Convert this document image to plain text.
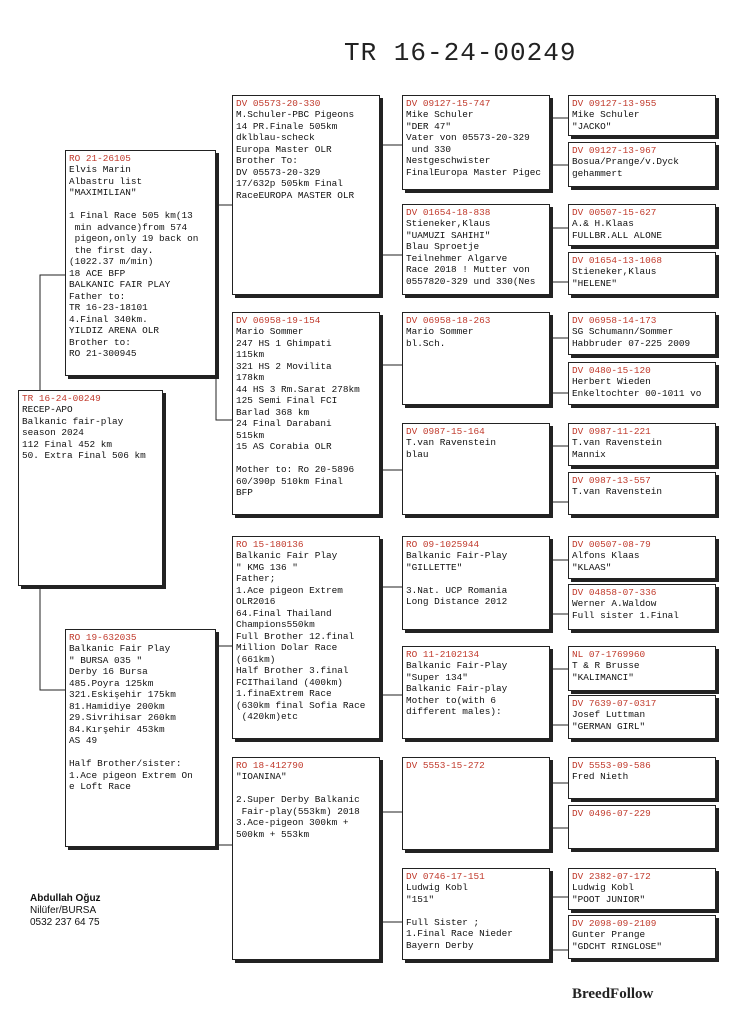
TR 16-24-00249
TR 16-24-00249
RECEP-APO
Balkanic fair-play
season 2024
112 Final 452 km
50. Extra Final 506 km
RO 21-26105
Elvis Marin
Albastru list
"MAXIMILIAN"

1 Final Race 505 km(13
min advance)from 574
pigeon,only 19 back on
the first day.
(1022.37 m/min)
18 ACE BFP
BALKANIC FAIR PLAY
Father to:
TR 16-23-18101
4.Final 340km.
YILDIZ ARENA OLR
Brother to:
RO 21-300945
RO 19-632035
Balkanic Fair Play
" BURSA 035 "
Derby 16 Bursa
485.Poyra 125km
321.Eskişehir 175km
81.Hamidiye 200km
29.Sivrihisar 260km
84.Kırşehir 453km
AS 49

Half Brother/sister:
1.Ace pigeon Extrem On
e Loft Race
DV 05573-20-330
M.Schuler-PBC Pigeons
14 PR.Finale 505km
dklblau-scheck
Europa Master OLR
Brother To:
DV 05573-20-329
17/632p 505km Final
RaceEUROPA MASTER OLR
DV 06958-19-154
Mario Sommer
247 HS 1 Ghimpati
115km
321 HS 2 Movilita
178km
44 HS 3 Rm.Sarat 278km
125 Semi Final FCI
Barlad 368 km
24 Final Darabani
515km
15 AS Corabia OLR

Mother to: Ro 20-5896
60/390p 510km Final
BFP
RO 15-180136
Balkanic Fair Play
" KMG 136 "
Father;
1.Ace pigeon Extrem
OLR2016
64.Final Thailand
Champions550km
Full Brother 12.final
Million Dolar Race
(661km)
Half Brother 3.final
FCIThailand (400km)
1.finaExtrem Race
(630km final Sofia Race
(420km)etc
RO 18-412790
"IOANINA"

2.Super Derby Balkanic
Fair-play(553km) 2018
3.Ace-pigeon 300km +
500km + 553km
DV 09127-15-747
Mike Schuler
"DER 47"
Vater von 05573-20-329
und 330
Nestgeschwister
FinalEuropa Master Pigec
DV 01654-18-838
Stieneker,Klaus
"UAMUZI SAHIHI"
Blau Sproetje
Teilnehmer Algarve
Race 2018 ! Mutter von
0557820-329 und 330(Nes
DV 06958-18-263
Mario Sommer
bl.Sch.
DV 0987-15-164
T.van Ravenstein
blau
RO 09-1025944
Balkanic Fair-Play
"GILLETTE"

3.Nat. UCP Romania
Long Distance 2012
RO 11-2102134
Balkanic Fair-Play
"Super 134"
Balkanic Fair-play
Mother to(with 6
different males):
DV 5553-15-272
DV 0746-17-151
Ludwig Kobl
"151"

Full Sister ;
1.Final Race Nieder
Bayern Derby
DV 09127-13-955
Mike Schuler
"JACKO"
DV 09127-13-967
Bosua/Prange/v.Dyck
gehammert
DV 00507-15-627
A.& H.Klaas
FULLBR.ALL ALONE
DV 01654-13-1068
Stieneker,Klaus
"HELENE"
DV 06958-14-173
SG Schumann/Sommer
Habbruder 07-225 2009
DV 0480-15-120
Herbert Wieden
Enkeltochter 00-1011 vo
DV 0987-11-221
T.van Ravenstein
Mannix
DV 0987-13-557
T.van Ravenstein
DV 00507-08-79
Alfons Klaas
"KLAAS"
DV 04858-07-336
Werner A.Waldow
Full sister 1.Final
NL 07-1769960
T & R Brusse
"KALIMANCI"
DV 7639-07-0317
Josef Luttman
"GERMAN GIRL"
DV 5553-09-586
Fred Nieth
DV 0496-07-229
DV 2382-07-172
Ludwig Kobl
"POOT JUNIOR"
DV 2098-09-2109
Gunter Prange
"GDCHT RINGLOSE"
Abdullah Oğuz
Nilüfer/BURSA
0532 237 64 75
BreedFollow
